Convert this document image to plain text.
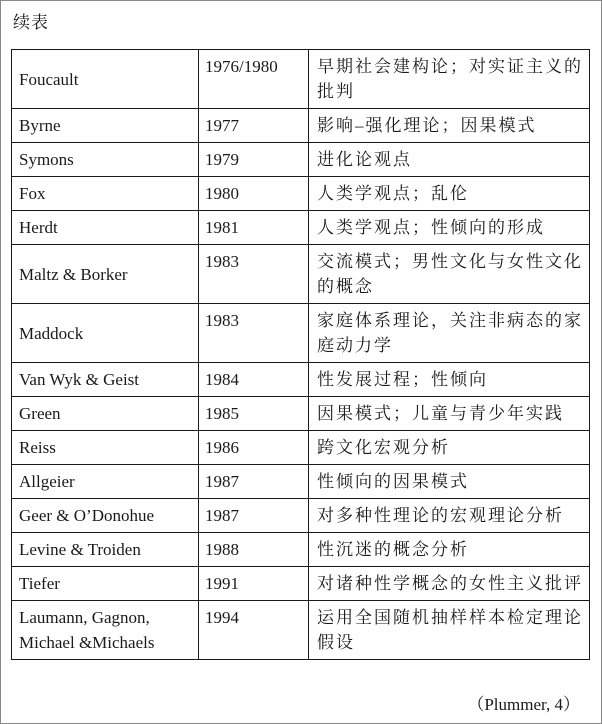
续表
Foucault	1976/1980	早期社会建构论；对实证主义的批判
Byrne	1977	影响–强化理论；因果模式
Symons	1979	进化论观点
Fox	1980	人类学观点；乱伦
Herdt	1981	人类学观点；性倾向的形成
Maltz & Borker	1983	交流模式；男性文化与女性文化的概念
Maddock	1983	家庭体系理论，关注非病态的家庭动力学
Van Wyk & Geist	1984	性发展过程；性倾向
Green	1985	因果模式；儿童与青少年实践
Reiss	1986	跨文化宏观分析
Allgeier	1987	性倾向的因果模式
Geer & O’Donohue	1987	对多种性理论的宏观理论分析
Levine & Troiden	1988	性沉迷的概念分析
Tiefer	1991	对诸种性学概念的女性主义批评
Laumann, Gagnon, Michael &Michaels	1994	运用全国随机抽样样本检定理论假设
（Plummer, 4）
